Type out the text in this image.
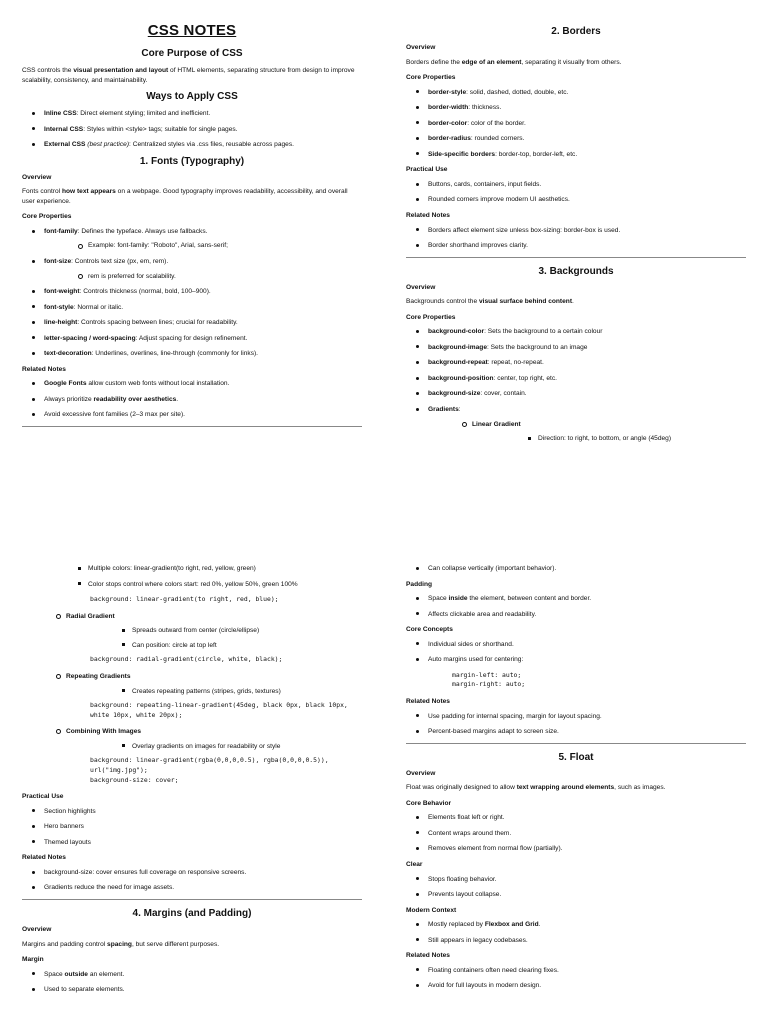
CSS NOTES
Core Purpose of CSS

CSS controls the visual presentation and layout of HTML elements, separating structure from design to improve scalability, consistency, and maintainability.

Ways to Apply CSS
Inline CSS: Direct element styling; limited and inefficient.
Internal CSS: Styles within <style> tags; suitable for single pages.
External CSS (best practice): Centralized styles via .css files, reusable across pages.
1. Fonts (Typography)
Overview

Fonts control how text appears on a webpage. Good typography improves readability, accessibility, and overall user experience.

Core Properties
font-family: Defines the typeface. Always use fallbacks.
Example: font-family: "Roboto", Arial, sans-serif;
font-size: Controls text size (px, em, rem).
rem is preferred for scalability.
font-weight: Controls thickness (normal, bold, 100–900).
font-style: Normal or italic.
line-height: Controls spacing between lines; crucial for readability.
letter-spacing / word-spacing: Adjust spacing for design refinement.
text-decoration: Underlines, overlines, line-through (commonly for links).
Related Notes
Google Fonts allow custom web fonts without local installation.
Always prioritize readability over aesthetics.
Avoid excessive font families (2–3 max per site).
2. Borders
Overview

Borders define the edge of an element, separating it visually from others.

Core Properties
border-style: solid, dashed, dotted, double, etc.
border-width: thickness.
border-color: color of the border.
border-radius: rounded corners.
Side-specific borders: border-top, border-left, etc.
Practical Use
Buttons, cards, containers, input fields.
Rounded corners improve modern UI aesthetics.
Related Notes
Borders affect element size unless box-sizing: border-box is used.
Border shorthand improves clarity.
3. Backgrounds
Overview

Backgrounds control the visual surface behind content.

Core Properties
background-color: Sets the background to a certain colour
background-image: Sets the background to an image
background-repeat: repeat, no-repeat.
background-position: center, top right, etc.
background-size: cover, contain.
Gradients:
Linear Gradient
Direction: to right, to bottom, or angle (45deg)
Multiple colors: linear-gradient(to right, red, yellow, green)
Color stops control where colors start: red 0%, yellow 50%, green 100%
background: linear-gradient(to right, red, blue);
Radial Gradient
Spreads outward from center (circle/ellipse)
Can position: circle at top left
background: radial-gradient(circle, white, black);
Repeating Gradients
Creates repeating patterns (stripes, grids, textures)
background: repeating-linear-gradient(45deg, black 0px, black 10px, white 10px, white 20px);
Combining With Images
Overlay gradients on images for readability or style
background: linear-gradient(rgba(0,0,0,0.5), rgba(0,0,0,0.5)),
url("img.jpg");
background-size: cover;
Practical Use
Section highlights
Hero banners
Themed layouts
Related Notes
background-size: cover ensures full coverage on responsive screens.
Gradients reduce the need for image assets.
4. Margins (and Padding)
Overview

Margins and padding control spacing, but serve different purposes.

Margin
Space outside an element.
Used to separate elements.
Can collapse vertically (important behavior).
Padding
Space inside the element, between content and border.
Affects clickable area and readability.
Core Concepts
Individual sides or shorthand.
Auto margins used for centering:
margin-left: auto;
margin-right: auto;
Related Notes
Use padding for internal spacing, margin for layout spacing.
Percent-based margins adapt to screen size.
5. Float
Overview

Float was originally designed to allow text wrapping around elements, such as images.

Core Behavior
Elements float left or right.
Content wraps around them.
Removes element from normal flow (partially).
Clear
Stops floating behavior.
Prevents layout collapse.
Modern Context
Mostly replaced by Flexbox and Grid.
Still appears in legacy codebases.
Related Notes
Floating containers often need clearing fixes.
Avoid for full layouts in modern design.
